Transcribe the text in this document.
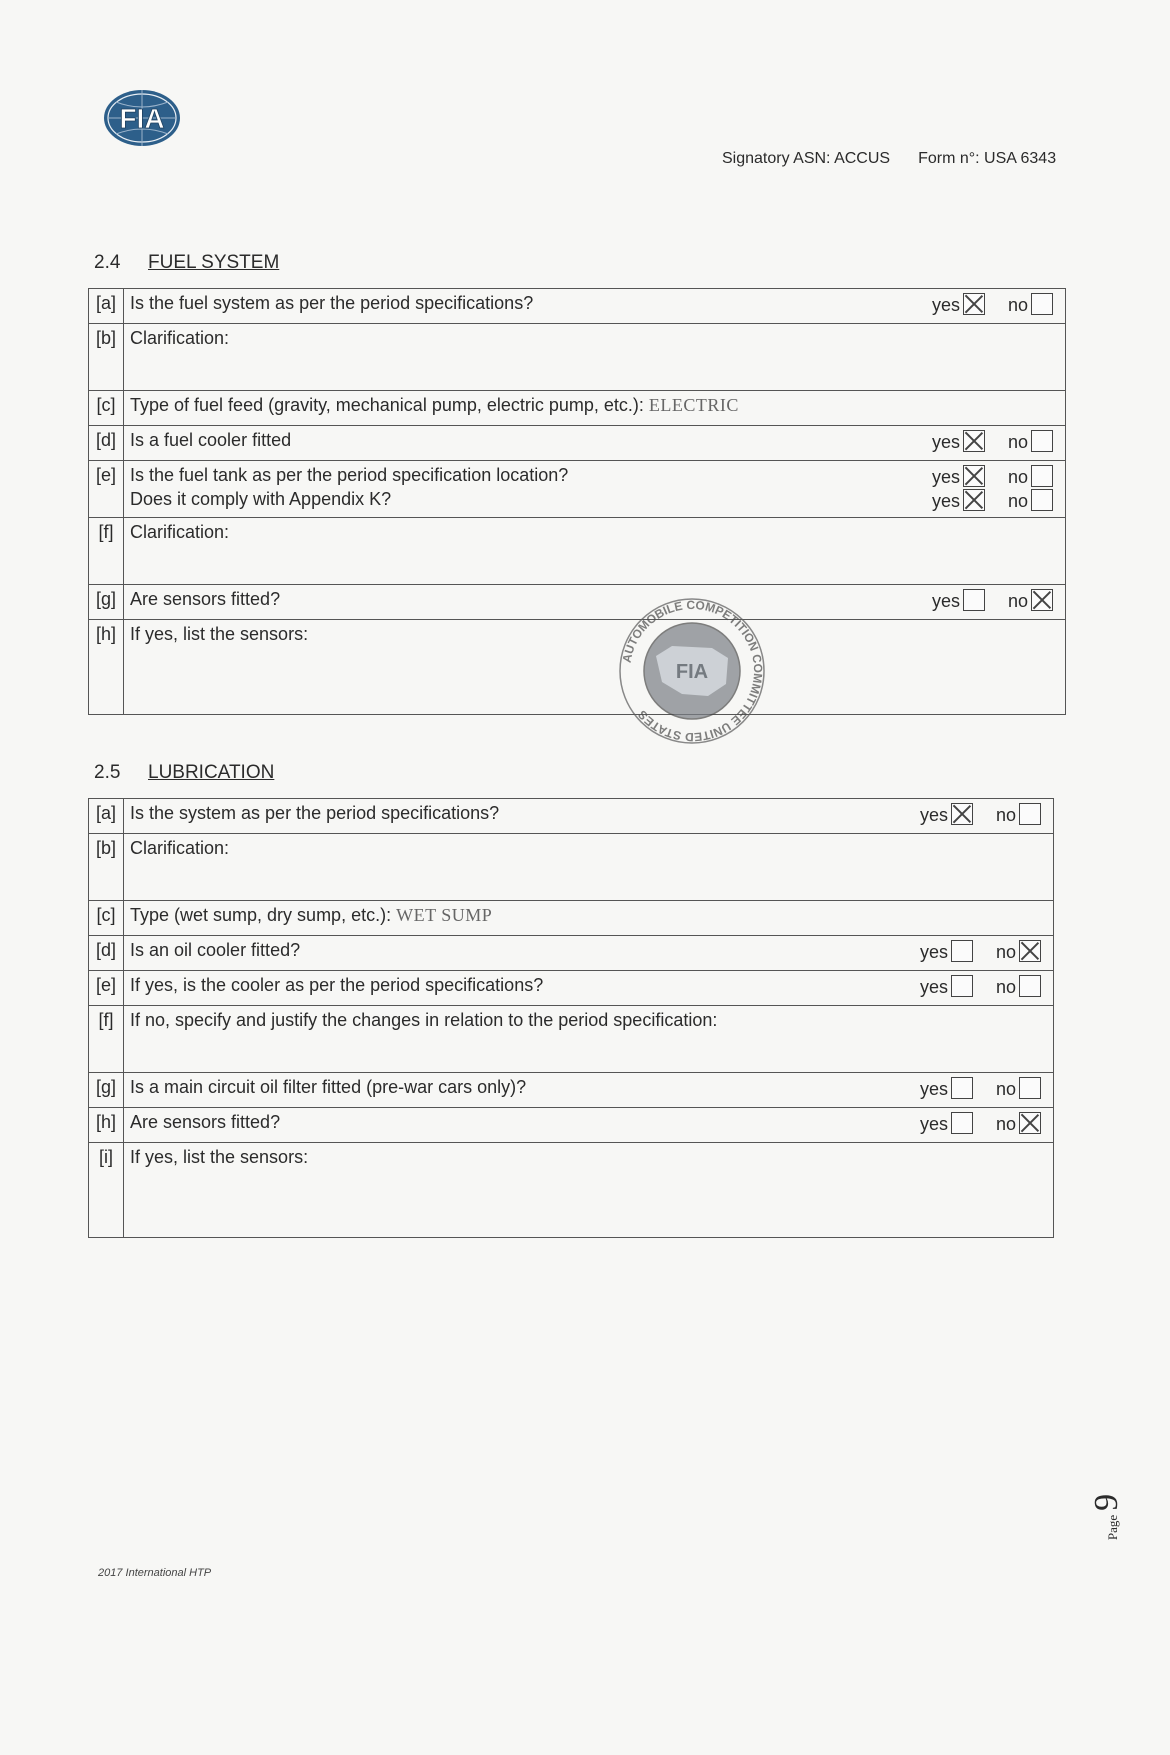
FIA
Signatory ASN: ACCUS Form n°: USA 6343
2.4 FUEL SYSTEM
[a]	Is the fuel system as per the period specifications? yes no

[b]	Clarification:
[c]	Type of fuel feed (gravity, mechanical pump, electric pump, etc.): ELECTRIC
[d]	Is a fuel cooler fitted yes no

[e]	Is the fuel tank as per the period specification location? yes no
Does it comply with Appendix K? yes no

[f]	Clarification:
[g]	Are sensors fitted? yes no

[h]	If yes, list the sensors:
2.5 LUBRICATION
[a]	Is the system as per the period specifications? yes no

[b]	Clarification:
[c]	Type (wet sump, dry sump, etc.): WET SUMP
[d]	Is an oil cooler fitted? yes no

[e]	If yes, is the cooler as per the period specifications? yes no

[f]	If no, specify and justify the changes in relation to the period specification:
[g]	Is a main circuit oil filter fitted (pre-war cars only)? yes no

[h]	Are sensors fitted? yes no

[i]	If yes, list the sensors:
AUTOMOBILE COMPETITION COMMITTEE UNITED STATES
FIA
2017 International HTP
Page 9
